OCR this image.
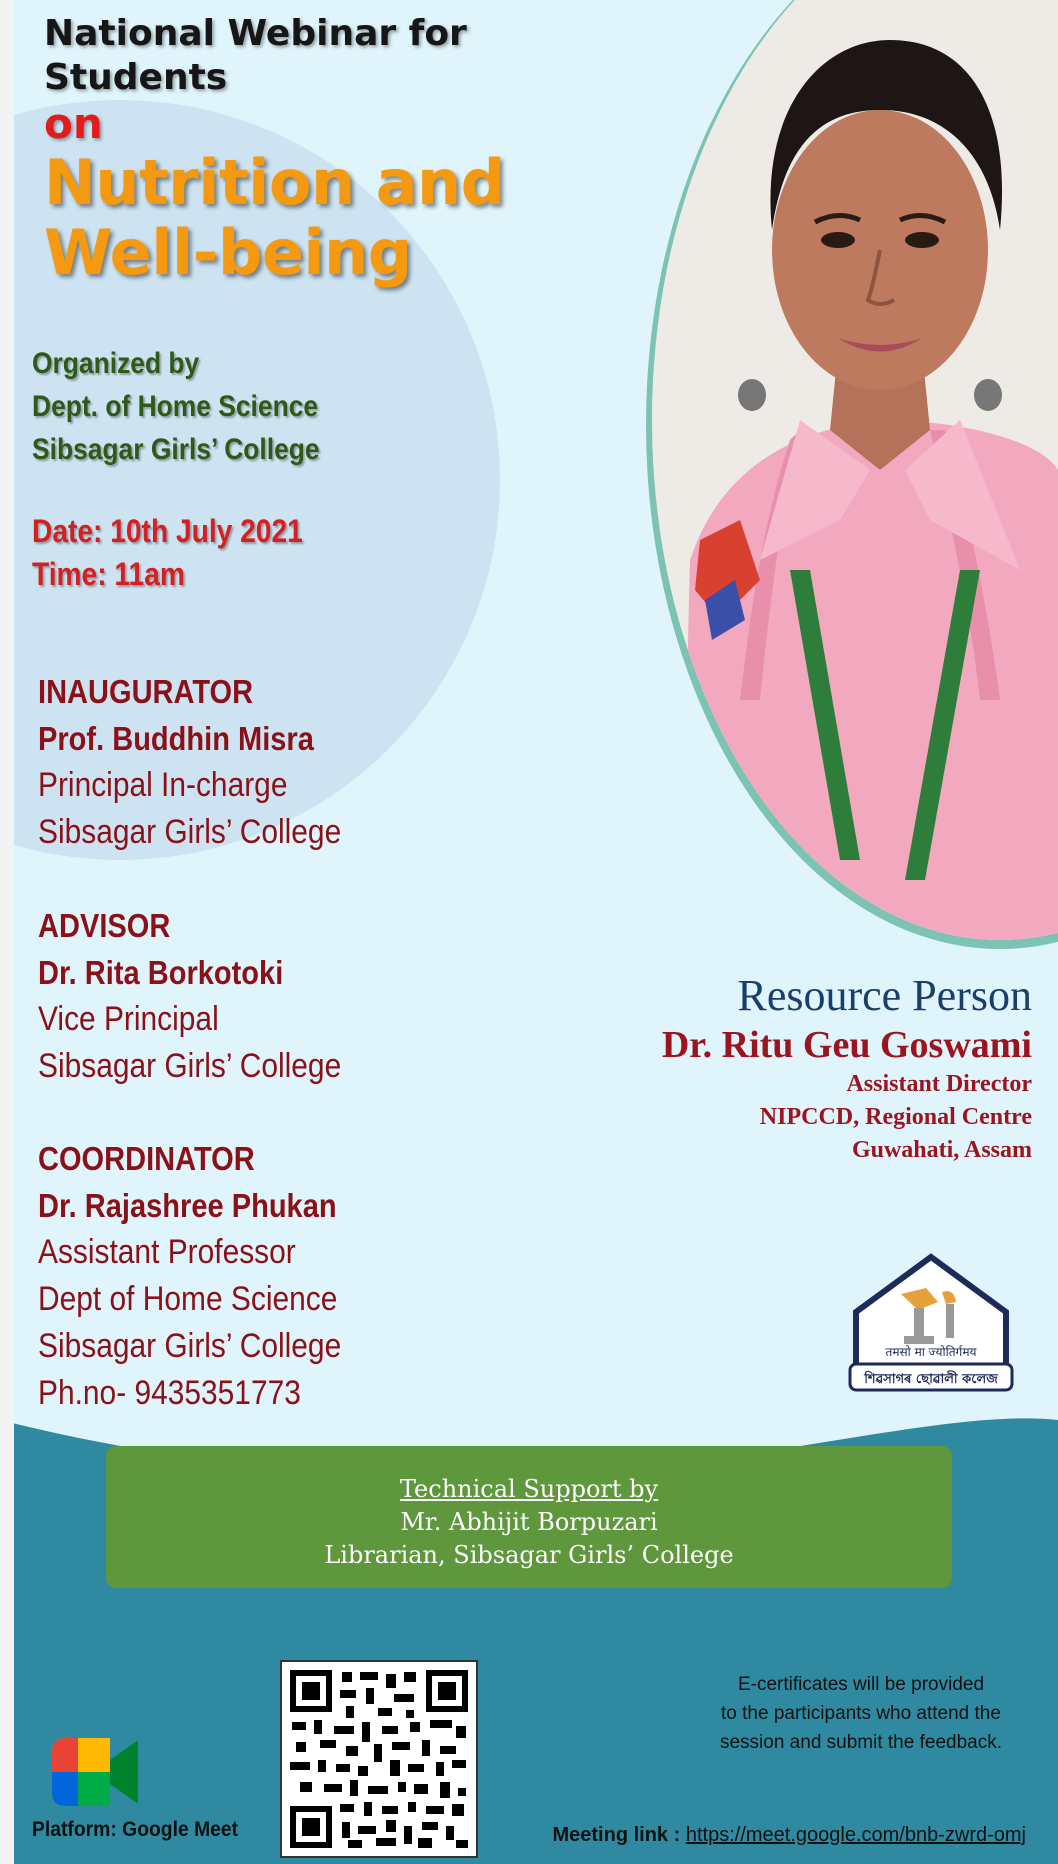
National Webinar for
Students
on
Nutrition and
Well-being
Organized by
Dept. of Home Science
Sibsagar Girls’ College
Date: 10th July 2021
Time: 11am
INAUGURATOR
Prof. Buddhin Misra
Principal In-charge
Sibsagar Girls’ College
ADVISOR
Dr. Rita Borkotoki
Vice Principal
Sibsagar Girls’ College
COORDINATOR
Dr. Rajashree Phukan
Assistant Professor
Dept of Home Science
Sibsagar Girls’ College
Ph.no- 9435351773
Resource Person
Dr. Ritu Geu Goswami
Assistant Director
NIPCCD, Regional Centre
Guwahati, Assam
तमसो मा ज्योतिर्गमय
শিৱসাগৰ ছোৱালী কলেজ
Technical Support by
Mr. Abhijit Borpuzari
Librarian, Sibsagar Girls’ College
Platform: Google Meet
E-certificates will be provided
to the participants who attend the
session and submit the feedback.
Meeting link : https://meet.google.com/bnb-zwrd-omj
